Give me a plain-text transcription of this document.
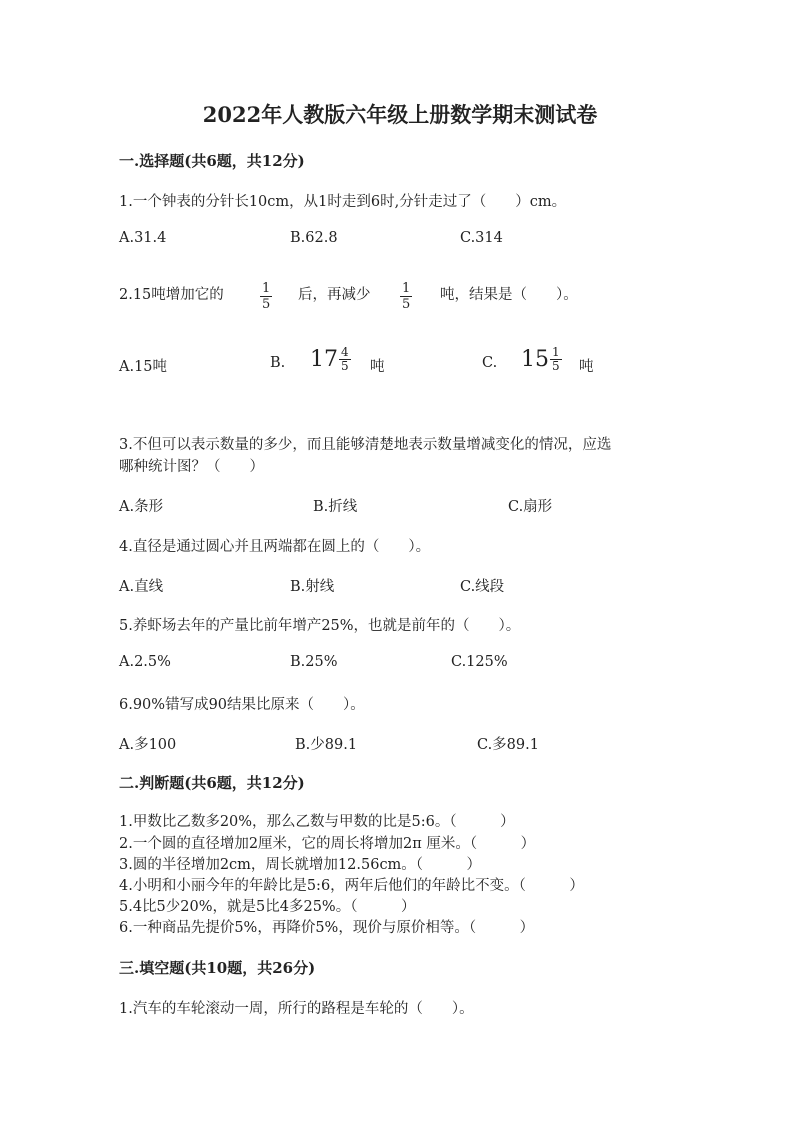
2022年人教版六年级上册数学期末测试卷
一.选择题(共6题，共12分)
1.一个钟表的分针长10cm，从1时走到6时,分针走过了（　　）cm。
A.31.4	B.62.8	C.314
2.15吨增加它的	$\frac{1}{5}$ 后，再减少 $\frac{1}{5}$ 吨，结果是（　　）。
A.15吨	B. $17 \frac{4}{5}$ 吨	C. $15 \frac{1}{5}$ 吨
3.不但可以表示数量的多少，而且能够清楚地表示数量增减变化的情况，应选
哪种统计图？（　　）
A.条形	B.折线	C.扇形
4.直径是通过圆心并且两端都在圆上的（　　）。
A.直线	B.射线	C.线段
5.养虾场去年的产量比前年增产25%，也就是前年的（　　）。
A.2.5%	B.25%	C.125%
6.90%错写成90结果比原来（　　）。
A.多100	B.少89.1	C.多89.1
二.判断题(共6题，共12分)
1.甲数比乙数多20%，那么乙数与甲数的比是5:6。（　　　）
2.一个圆的直径增加2厘米，它的周长将增加2π 厘米。（　　　）
3.圆的半径增加2cm，周长就增加12.56cm。（　　　）
4.小明和小丽今年的年龄比是5:6，两年后他们的年龄比不变。（　　　）
5.4比5少20%，就是5比4多25%。（　　　）
6.一种商品先提价5%，再降价5%，现价与原价相等。（　　　）
三.填空题(共10题，共26分)
1.汽车的车轮滚动一周，所行的路程是车轮的（　　）。
